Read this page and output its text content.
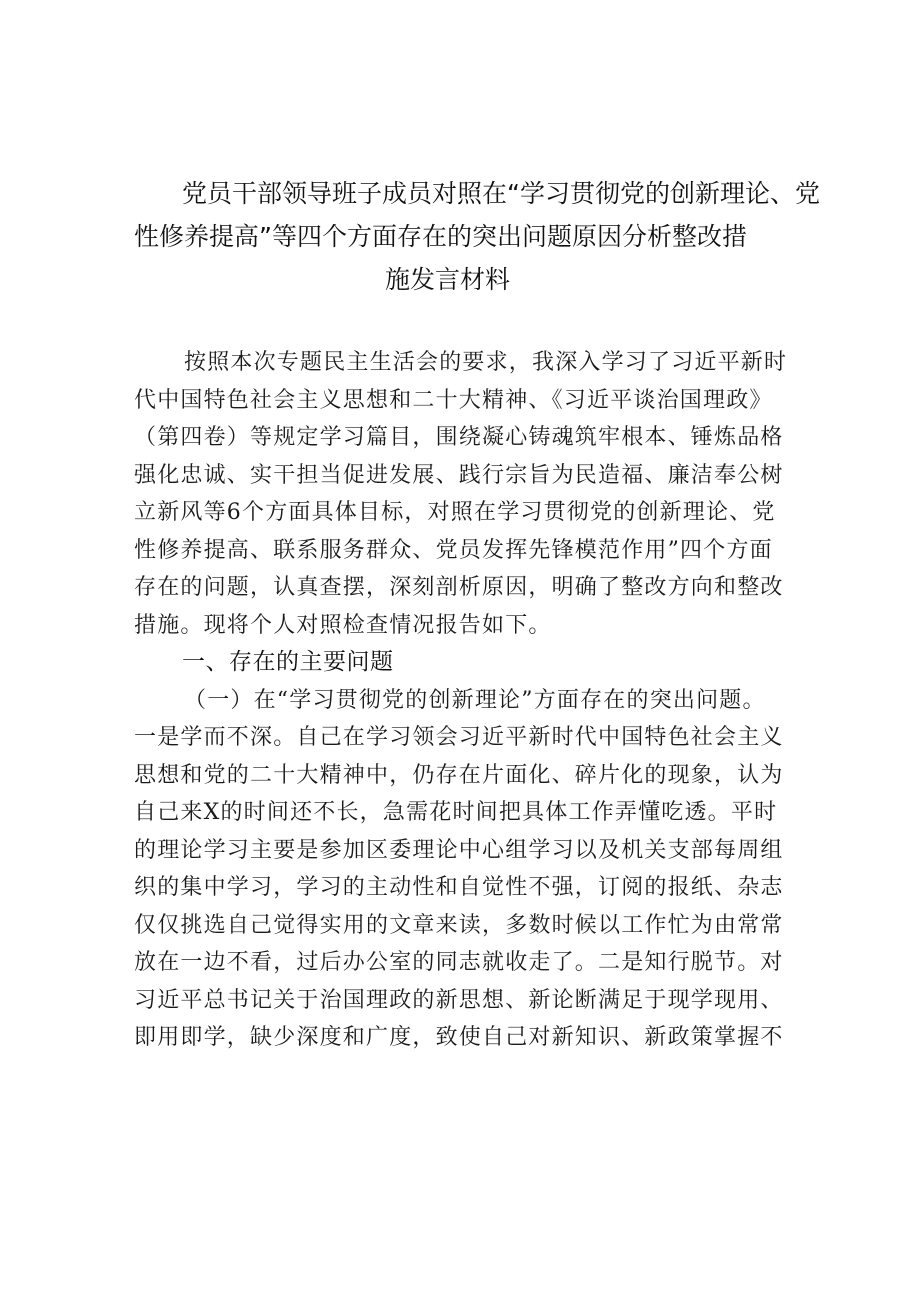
党员干部领导班子成员对照在“学习贯彻党的创新理论、党
性修养提高”等四个方面存在的突出问题原因分析整改措
施发言材料
按照本次专题民主生活会的要求，我深入学习了习近平新时
代中国特色社会主义思想和二十大精神、《习近平谈治国理政》
（第四卷）等规定学习篇目，围绕凝心铸魂筑牢根本、锤炼品格
强化忠诚、实干担当促进发展、践行宗旨为民造福、廉洁奉公树
立新风等6个方面具体目标，对照在学习贯彻党的创新理论、党
性修养提高、联系服务群众、党员发挥先锋模范作用”四个方面
存在的问题，认真查摆，深刻剖析原因，明确了整改方向和整改
措施。现将个人对照检查情况报告如下。
一、存在的主要问题
（一）在“学习贯彻党的创新理论”方面存在的突出问题。
一是学而不深。自己在学习领会习近平新时代中国特色社会主义
思想和党的二十大精神中，仍存在片面化、碎片化的现象，认为
自己来X的时间还不长，急需花时间把具体工作弄懂吃透。平时
的理论学习主要是参加区委理论中心组学习以及机关支部每周组
织的集中学习，学习的主动性和自觉性不强，订阅的报纸、杂志
仅仅挑选自己觉得实用的文章来读，多数时候以工作忙为由常常
放在一边不看，过后办公室的同志就收走了。二是知行脱节。对
习近平总书记关于治国理政的新思想、新论断满足于现学现用、
即用即学，缺少深度和广度，致使自己对新知识、新政策掌握不
